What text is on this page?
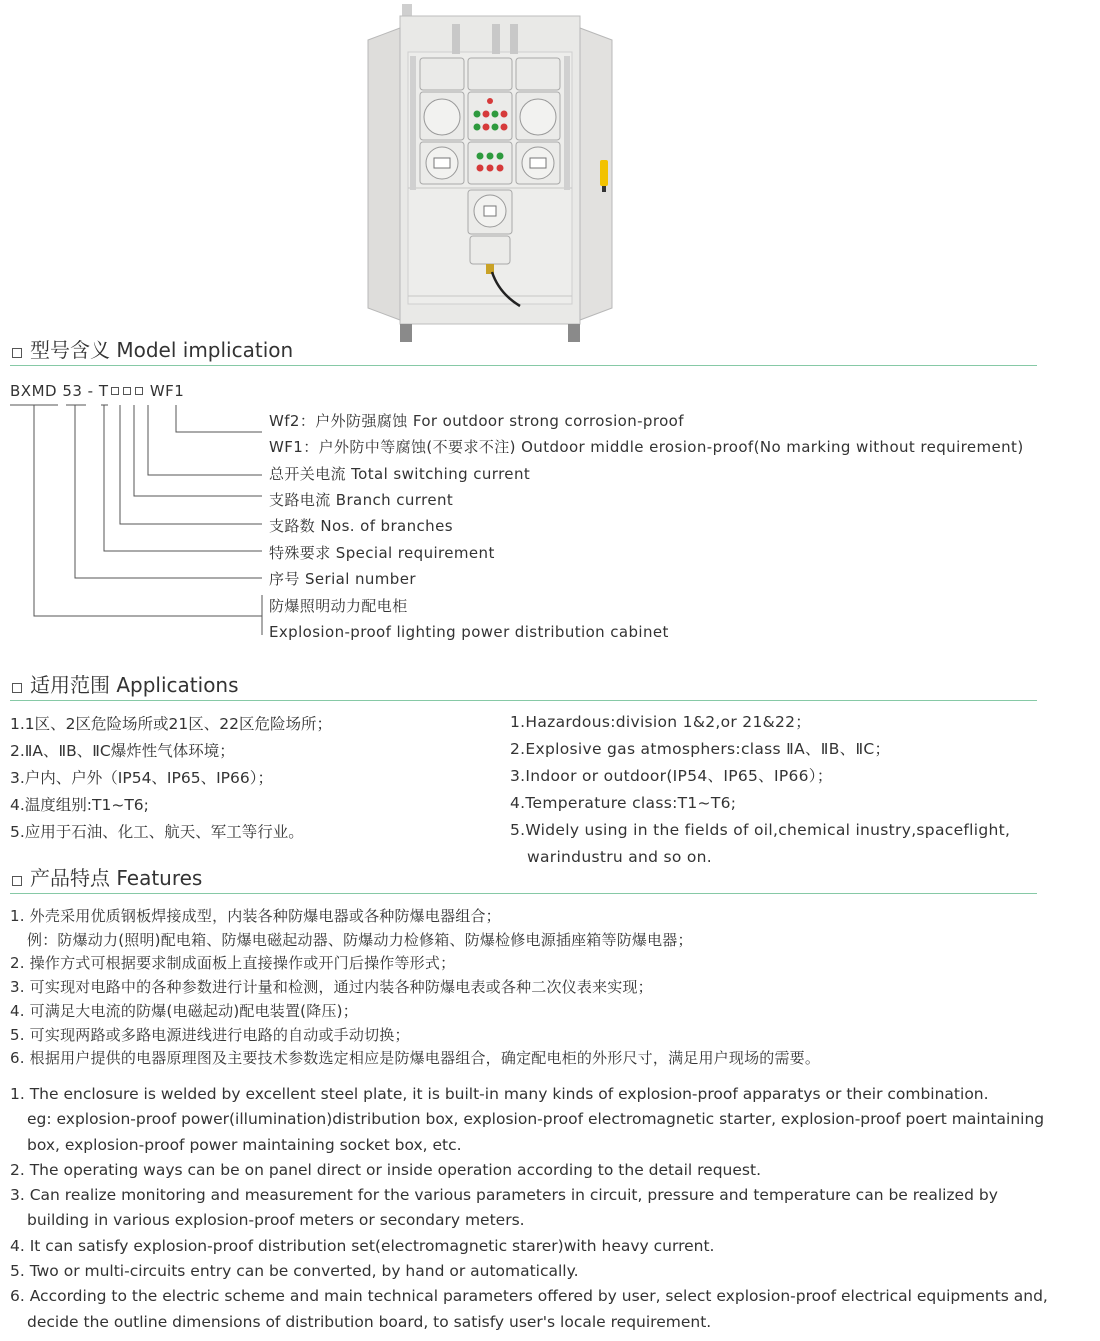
型号含义 Model implication
BXMD 53 - T	WF1
Wf2：户外防强腐蚀 For outdoor strong corrosion-proof
WF1：户外防中等腐蚀(不要求不注) Outdoor middle erosion-proof(No marking without requirement)
总开关电流 Total switching current
支路电流 Branch current
支路数 Nos. of branches
特殊要求 Special requirement
序号 Serial number
防爆照明动力配电柜
Explosion-proof lighting power distribution cabinet
适用范围 Applications
1.1区、2区危险场所或21区、22区危险场所；
2.ⅡA、ⅡB、ⅡC爆炸性气体环境；
3.户内、户外（IP54、IP65、IP66）；
4.温度组别:T1~T6;
5.应用于石油、化工、航天、军工等行业。
1.Hazardous:division 1&2,or 21&22；
2.Explosive gas atmosphers:class ⅡA、ⅡB、ⅡC；
3.Indoor or outdoor(IP54、IP65、IP66）；
4.Temperature class:T1~T6;
5.Widely using in the fields of oil,chemical inustry,spaceflight,
warindustru and so on.
产品特点 Features
1. 外壳采用优质钢板焊接成型，内装各种防爆电器或各种防爆电器组合；
例：防爆动力(照明)配电箱、防爆电磁起动器、防爆动力检修箱、防爆检修电源插座箱等防爆电器；
2. 操作方式可根据要求制成面板上直接操作或开门后操作等形式；
3. 可实现对电路中的各种参数进行计量和检测，通过内装各种防爆电表或各种二次仪表来实现；
4. 可满足大电流的防爆(电磁起动)配电装置(降压)；
5. 可实现两路或多路电源进线进行电路的自动或手动切换；
6. 根据用户提供的电器原理图及主要技术参数选定相应是防爆电器组合，确定配电柜的外形尺寸，满足用户现场的需要。
1. The enclosure is welded by excellent steel plate, it is built-in many kinds of explosion-proof apparatys or their combination.
eg: explosion-proof power(illumination)distribution box, explosion-proof electromagnetic starter, explosion-proof poert maintaining
box, explosion-proof power maintaining socket box, etc.
2. The operating ways can be on panel direct or inside operation according to the detail request.
3. Can realize monitoring and measurement for the various parameters in circuit, pressure and temperature can be realized by
building in various explosion-proof meters or secondary meters.
4. It can satisfy explosion-proof distribution set(electromagnetic starer)with heavy current.
5. Two or multi-circuits entry can be converted, by hand or automatically.
6. According to the electric scheme and main technical parameters offered by user, select explosion-proof electrical equipments and,
decide the outline dimensions of distribution board, to satisfy user's locale requirement.
